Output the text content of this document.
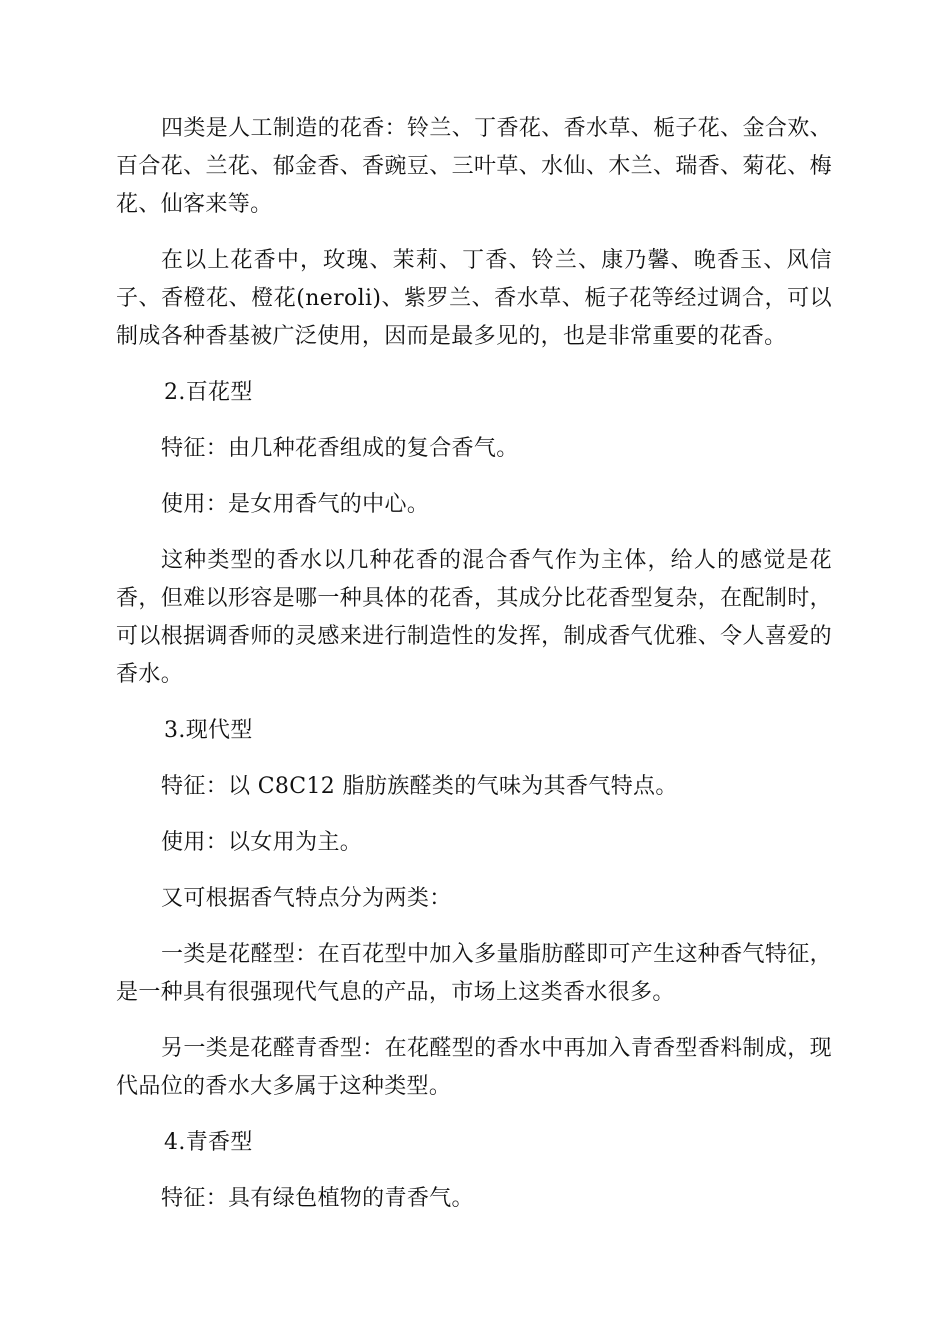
四类是人工制造的花香：铃兰、丁香花、香水草、栀子花、金合欢、百合花、兰花、郁金香、香豌豆、三叶草、水仙、木兰、瑞香、菊花、梅花、仙客来等。

在以上花香中，玫瑰、茉莉、丁香、铃兰、康乃馨、晚香玉、风信子、香橙花、橙花(neroli)、紫罗兰、香水草、栀子花等经过调合，可以制成各种香基被广泛使用，因而是最多见的，也是非常重要的花香。

2.百花型

特征：由几种花香组成的复合香气。

使用：是女用香气的中心。

这种类型的香水以几种花香的混合香气作为主体，给人的感觉是花香，但难以形容是哪一种具体的花香，其成分比花香型复杂，在配制时，可以根据调香师的灵感来进行制造性的发挥，制成香气优雅、令人喜爱的香水。

3.现代型

特征：以 C8C12 脂肪族醛类的气味为其香气特点。

使用：以女用为主。

又可根据香气特点分为两类：

一类是花醛型：在百花型中加入多量脂肪醛即可产生这种香气特征，是一种具有很强现代气息的产品，市场上这类香水很多。

另一类是花醛青香型：在花醛型的香水中再加入青香型香料制成，现代品位的香水大多属于这种类型。

4.青香型

特征：具有绿色植物的青香气。
